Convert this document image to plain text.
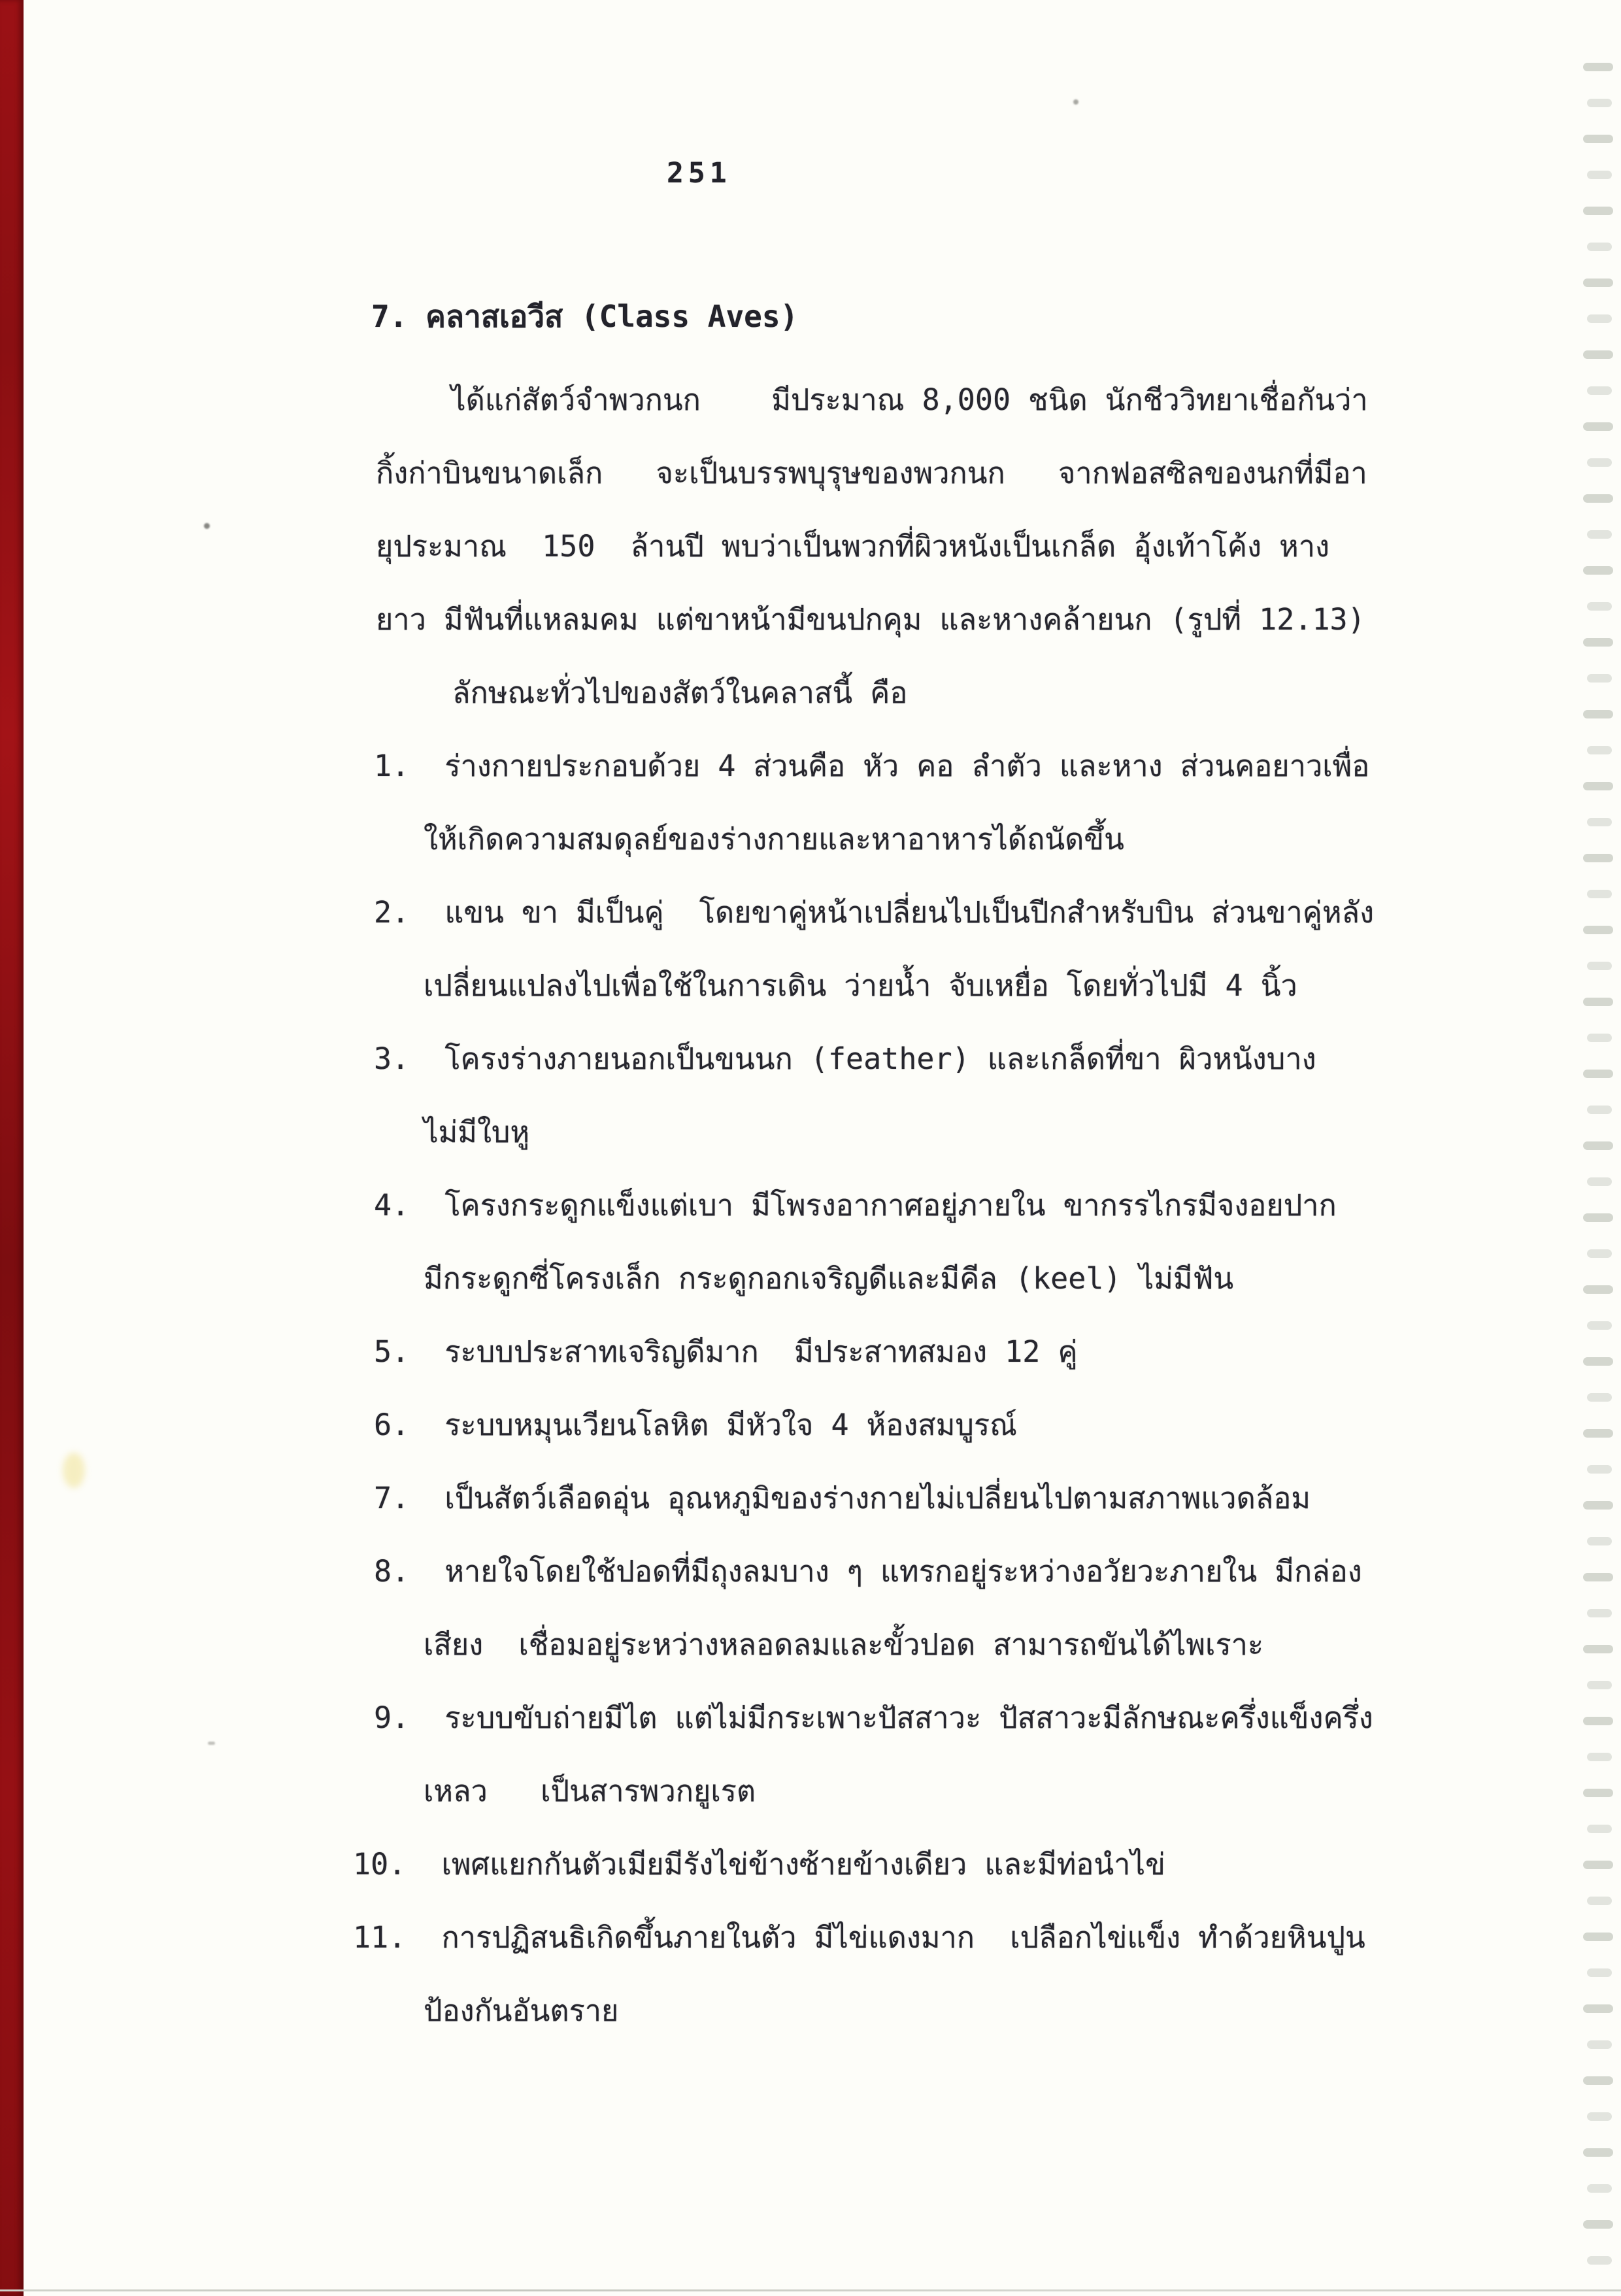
251
7. คลาสเอวีส (Class Aves)
ได้แก่สัตว์จำพวกนก    มีประมาณ 8,000 ชนิด นักชีววิทยาเชื่อกันว่า
กิ้งก่าบินขนาดเล็ก   จะเป็นบรรพบุรุษของพวกนก   จากฟอสซิลของนกที่มีอา
ยุประมาณ  150  ล้านปี พบว่าเป็นพวกที่ผิวหนังเป็นเกล็ด อุ้งเท้าโค้ง หาง
ยาว มีฟันที่แหลมคม แต่ขาหน้ามีขนปกคุม และหางคล้ายนก (รูปที่ 12.13)
ลักษณะทั่วไปของสัตว์ในคลาสนี้ คือ
1.  ร่างกายประกอบด้วย 4 ส่วนคือ หัว คอ ลำตัว และหาง ส่วนคอยาวเพื่อ
ให้เกิดความสมดุลย์ของร่างกายและหาอาหารได้ถนัดขึ้น
2.  แขน ขา มีเป็นคู่  โดยขาคู่หน้าเปลี่ยนไปเป็นปีกสำหรับบิน ส่วนขาคู่หลัง
เปลี่ยนแปลงไปเพื่อใช้ในการเดิน ว่ายน้ำ จับเหยื่อ โดยทั่วไปมี 4 นิ้ว
3.  โครงร่างภายนอกเป็นขนนก (feather) และเกล็ดที่ขา ผิวหนังบาง
ไม่มีใบหู
4.  โครงกระดูกแข็งแต่เบา มีโพรงอากาศอยู่ภายใน ขากรรไกรมีจงอยปาก
มีกระดูกซี่โครงเล็ก กระดูกอกเจริญดีและมีคีล (keel) ไม่มีฟัน
5.  ระบบประสาทเจริญดีมาก  มีประสาทสมอง 12 คู่
6.  ระบบหมุนเวียนโลหิต มีหัวใจ 4 ห้องสมบูรณ์
7.  เป็นสัตว์เลือดอุ่น อุณหภูมิของร่างกายไม่เปลี่ยนไปตามสภาพแวดล้อม
8.  หายใจโดยใช้ปอดที่มีถุงลมบาง ๆ แทรกอยู่ระหว่างอวัยวะภายใน มีกล่อง
เสียง  เชื่อมอยู่ระหว่างหลอดลมและขั้วปอด สามารถขันได้ไพเราะ
9.  ระบบขับถ่ายมีไต แต่ไม่มีกระเพาะปัสสาวะ ปัสสาวะมีลักษณะครึ่งแข็งครึ่ง
เหลว   เป็นสารพวกยูเรต
10.  เพศแยกกันตัวเมียมีรังไข่ข้างซ้ายข้างเดียว และมีท่อนำไข่
11.  การปฏิสนธิเกิดขึ้นภายในตัว มีไข่แดงมาก  เปลือกไข่แข็ง ทำด้วยหินปูน
ป้องกันอันตราย
